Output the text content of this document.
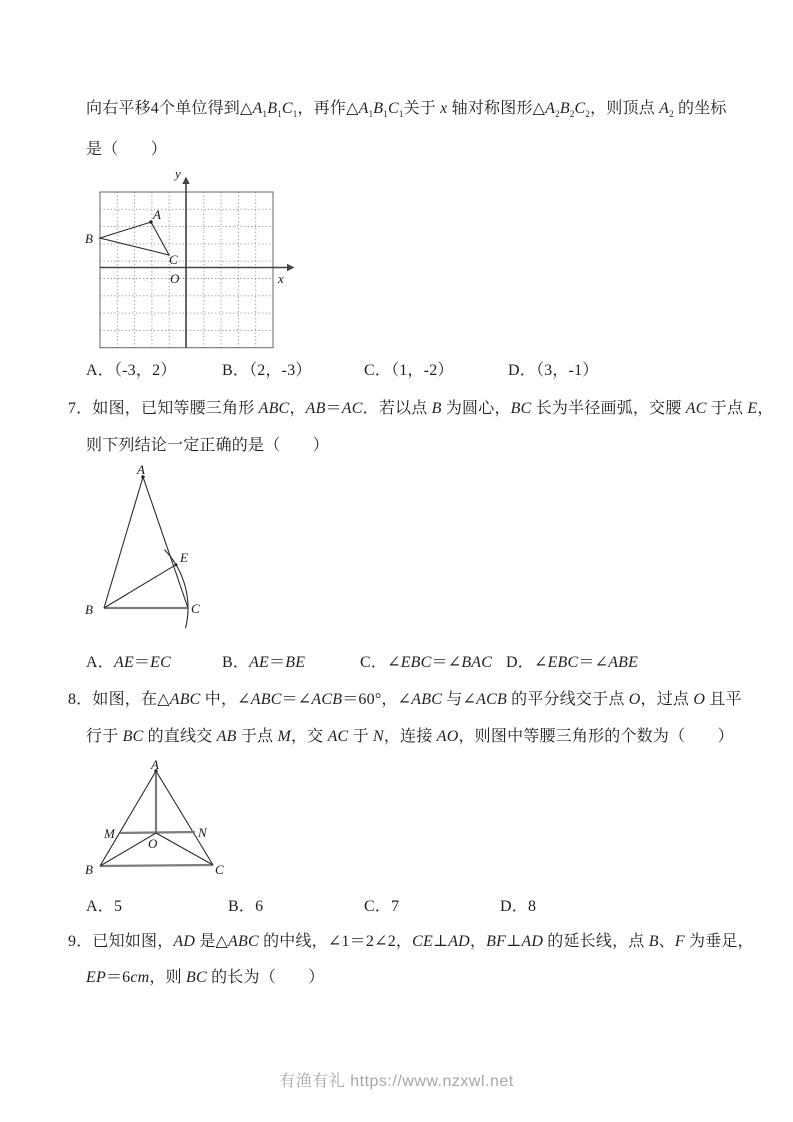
向右平移4个单位得到$\triangle A_1B_1C_1$，再作$\triangle A_1B_1C_1$关于 x 轴对称图形$\triangle A_2B_2C_2$，则顶点 $A_2$ 的坐标
是（　　）
y
x
O
A
B
C
A．（-3，2）	B．（2，-3）	C．（1，-2）	D．（3，-1）
7．如图，已知等腰三角形 ABC，AB＝AC．若以点 B 为圆心，BC 长为半径画弧，交腰 AC 于点 E，
则下列结论一定正确的是（　　）
A
B	C
E
A．AE＝EC	B．AE＝BE	C．∠EBC＝∠BAC D．∠EBC＝∠ABE
8．如图，在△ABC 中，∠ABC＝∠ACB＝60°，∠ABC 与∠ACB 的平分线交于点 O，过点 O 且平
行于 BC 的直线交 AB 于点 M，交 AC 于 N，连接 AO，则图中等腰三角形的个数为（　　）
A
M	N
O
B	C
A．5	B．6	C．7	D．8
9．已知如图，AD 是△ABC 的中线，∠1＝2∠2，CE⊥AD，BF⊥AD 的延长线，点 B、F 为垂足，
EP＝6cm，则 BC 的长为（　　）
有渔有礼 https://www.nzxwl.net
